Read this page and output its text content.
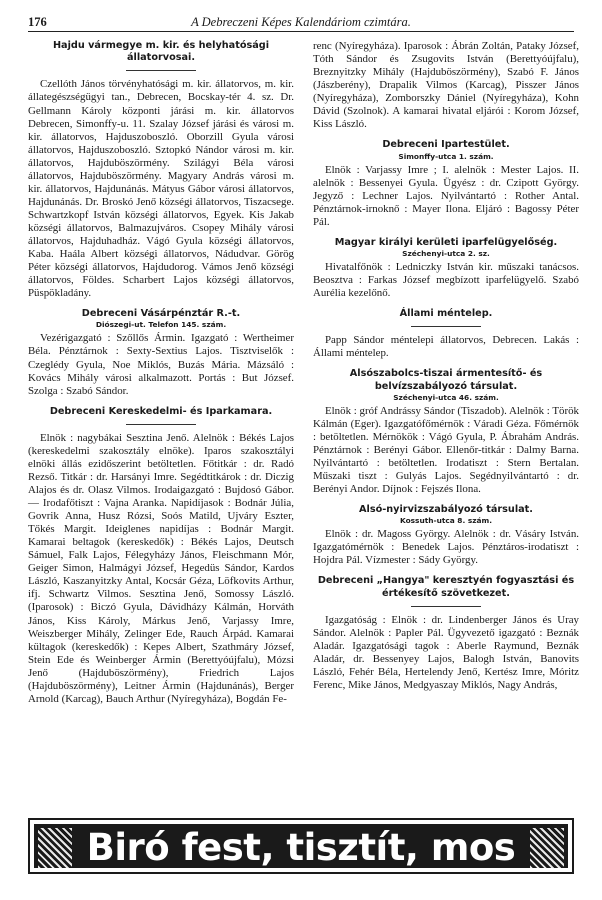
176	A Debreczeni Képes Kalendáriom czimtára.

Hajdu vármegye m. kir. és helyhatósági állatorvosai.

Czellóth János törvényhatósági m. kir. állatorvos, m. kir. állategészségügyi tan., Debrecen, Bocskay-tér 4. sz. Dr. Gellmann Károly központi járási m. kir. állatorvos Debrecen, Simonffy-u. 11. Szalay József járási és városi m. kir. állatorvos, Hajduszoboszló. Oborzill Gyula városi állatorvos, Hajduszoboszló. Sztopkó Nándor városi m. kir. állatorvos, Hajduböszörmény. Szilágyi Béla városi állatorvos, Hajduböszörmény. Magyary András városi m. kir. állatorvos, Hajdunánás. Mátyus Gábor városi állatorvos, Hajdunánás. Dr. Broskó Jenő községi állatorvos, Tiszacsege. Schwartzkopf István községi állatorvos, Egyek. Kis Jakab községi állatorvos, Balmazujváros. Csopey Mihály városi állatorvos, Hajduhadház. Vágó Gyula községi állatorvos, Kaba. Haála Albert községi állatorvos, Nádudvar. Görög Péter községi állatorvos, Hajdudorog. Vámos Jenő községi állatorvos, Földes. Scharbert Lajos községi állatorvos, Püspökladány.

Debreceni Vásárpénztár R.-t.

Diószegi-ut. Telefon 145. szám.

Vezérigazgató : Szőllős Ármin. Igazgató : Wertheimer Béla. Pénztárnok : Sexty-Sextius Lajos. Tisztviselők : Czeglédy Gyula, Noe Miklós, Buzás Mária. Mázsáló : Kovács Mihály városi alkalmazott. Portás : But József. Szolga : Szabó Sándor.

Debreceni Kereskedelmi- és Iparkamara.

Elnök : nagybákai Sesztina Jenő. Alelnök : Békés Lajos (kereskedelmi szakosztály elnöke). Iparos szakosztályi elnöki állás ezidőszerint betöltetlen. Főtitkár : dr. Radó Rezső. Titkár : dr. Harsányi Imre. Segédtitkárok : dr. Diczig Alajos és dr. Olasz Vilmos. Irodaigazgató : Bujdosó Gábor. — Irodafőtiszt : Vajna Aranka. Napidíjasok : Bodnár Júlia, Govrik Anna, Husz Rózsi, Soós Matild, Ujváry Eszter, Tőkés Margit. Ideiglenes napidíjas : Bodnár Margit. Kamarai beltagok (kereskedők) : Békés Lajos, Deutsch Sámuel, Falk Lajos, Félegyházy János, Fleischmann Mór, Geiger Simon, Halmágyi József, Hegedüs Sándor, Kardos László, Kaszanyitzky Antal, Kocsár Géza, Löfkovits Arthur, ifj. Schwartz Vilmos. Sesztina Jenő, Somossy László. (Iparosok) : Biczó Gyula, Dávidházy Kálmán, Horváth János, Kiss Károly, Márkus Jenő, Varjassy Imre, Weiszberger Mihály, Zelinger Ede, Rauch Árpád. Kamarai kültagok (kereskedők) : Kepes Albert, Szathmáry József, Stein Ede és Weinberger Ármin (Berettyóújfalu), Mózsi Jenő (Hajduböszörmény), Friedrich Lajos (Hajduböszörmény), Leitner Ármin (Hajdunánás), Berger Arnold (Karcag), Bauch Arthur (Nyíregyháza), Bogdán Fe-

renc (Nyíregyháza). Iparosok : Ábrán Zoltán, Pataky József, Tóth Sándor és Zsugovits István (Berettyóújfalu), Breznyitzky Mihály (Hajduböszörmény), Szabó F. János (Jászberény), Drapalik Vilmos (Karcag), Pisszer János (Nyíregyháza), Zomborszky Dániel (Nyíregyháza), Kohn Dávid (Szolnok). A kamarai hivatal eljárói : Korom József, Kiss László.

Debreceni Ipartestület.

Simonffy-utca 1. szám.

Elnök : Varjassy Imre ; I. alelnök : Mester Lajos. II. alelnök : Bessenyei Gyula. Ügyész : dr. Czipott György. Jegyző : Lechner Lajos. Nyilvántartó : Rother Antal. Pénztárnok-irnoknő : Mayer Ilona. Eljáró : Bagossy Péter Pál.

Magyar királyi kerületi iparfelügyelőség.

Széchenyi-utca 2. sz.

Hivatalfőnök : Ledniczky István kir. műszaki tanácsos. Beosztva : Farkas József megbízott iparfelügyelő. Szabó Aurélia kezelőnő.

Állami méntelep.

Papp Sándor méntelepi állatorvos, Debrecen. Lakás : Állami méntelep.

Alsószabolcs-tiszai ármentesítő- és belvízszabályozó társulat.

Széchenyi-utca 46. szám.

Elnök : gróf Andrássy Sándor (Tiszadob). Alelnök : Török Kálmán (Eger). Igazgatófőmérnök : Váradi Géza. Főmérnök : betöltetlen. Mérnökök : Vágó Gyula, P. Ábrahám András. Pénztárnok : Berényi Gábor. Ellenőr-titkár : Dalmy Barna. Nyilvántartó : betöltetlen. Irodatiszt : Stern Bertalan. Műszaki tiszt : Gulyás Lajos. Segédnyilvántartó : dr. Berényi Andor. Díjnok : Fejszés Ilona.

Alsó-nyirvizszabályozó társulat.

Kossuth-utca 8. szám.

Elnök : dr. Magoss György. Alelnök : dr. Vásáry István. Igazgatómérnök : Benedek Lajos. Pénztáros-irodatiszt : Hojdra Pál. Vízmester : Sády György.

Debreceni „Hangya" keresztyén fogyasztási és értékesítő szövetkezet.

Igazgatóság : Elnök : dr. Lindenberger János és Uray Sándor. Alelnök : Papler Pál. Ügyvezető igazgató : Beznák Aladár. Igazgatósági tagok : Aberle Raymund, Beznák Aladár, dr. Bessenyey Lajos, Balogh István, Banovits László, Fehér Béla, Hertelendy Jenő, Kertész Imre, Móritz Ferenc, Mike János, Medgyaszay Miklós, Nagy András,

Biró fest, tisztít, mos
